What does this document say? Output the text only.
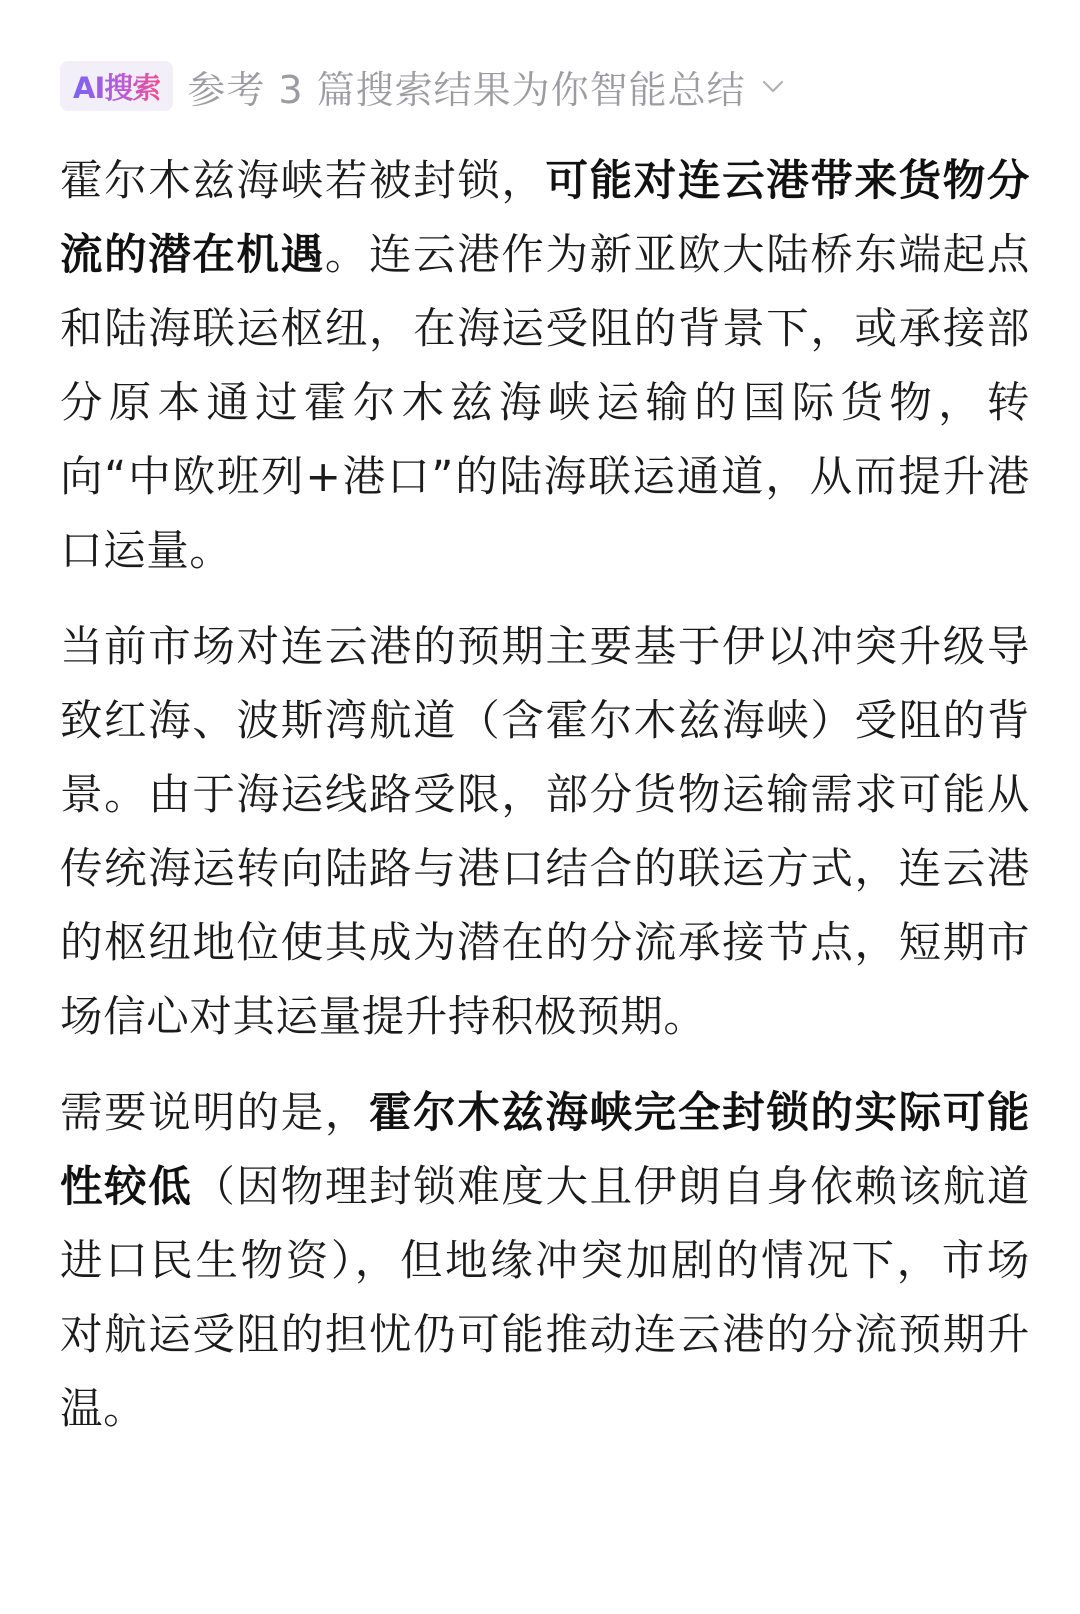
AI搜索 参考 3 篇搜索结果为你智能总结

霍尔木兹海峡若被封锁，可能对连云港带来货物分流的潜在机遇。连云港作为新亚欧大陆桥东端起点和陆海联运枢纽，在海运受阻的背景下，或承接部分原本通过霍尔木兹海峡运输的国际货物，转向“中欧班列+港口”的陆海联运通道，从而提升港口运量。

当前市场对连云港的预期主要基于伊以冲突升级导致红海、波斯湾航道（含霍尔木兹海峡）受阻的背景。由于海运线路受限，部分货物运输需求可能从传统海运转向陆路与港口结合的联运方式，连云港的枢纽地位使其成为潜在的分流承接节点，短期市场信心对其运量提升持积极预期。

需要说明的是，霍尔木兹海峡完全封锁的实际可能性较低（因物理封锁难度大且伊朗自身依赖该航道进口民生物资），但地缘冲突加剧的情况下，市场对航运受阻的担忧仍可能推动连云港的分流预期升温。
